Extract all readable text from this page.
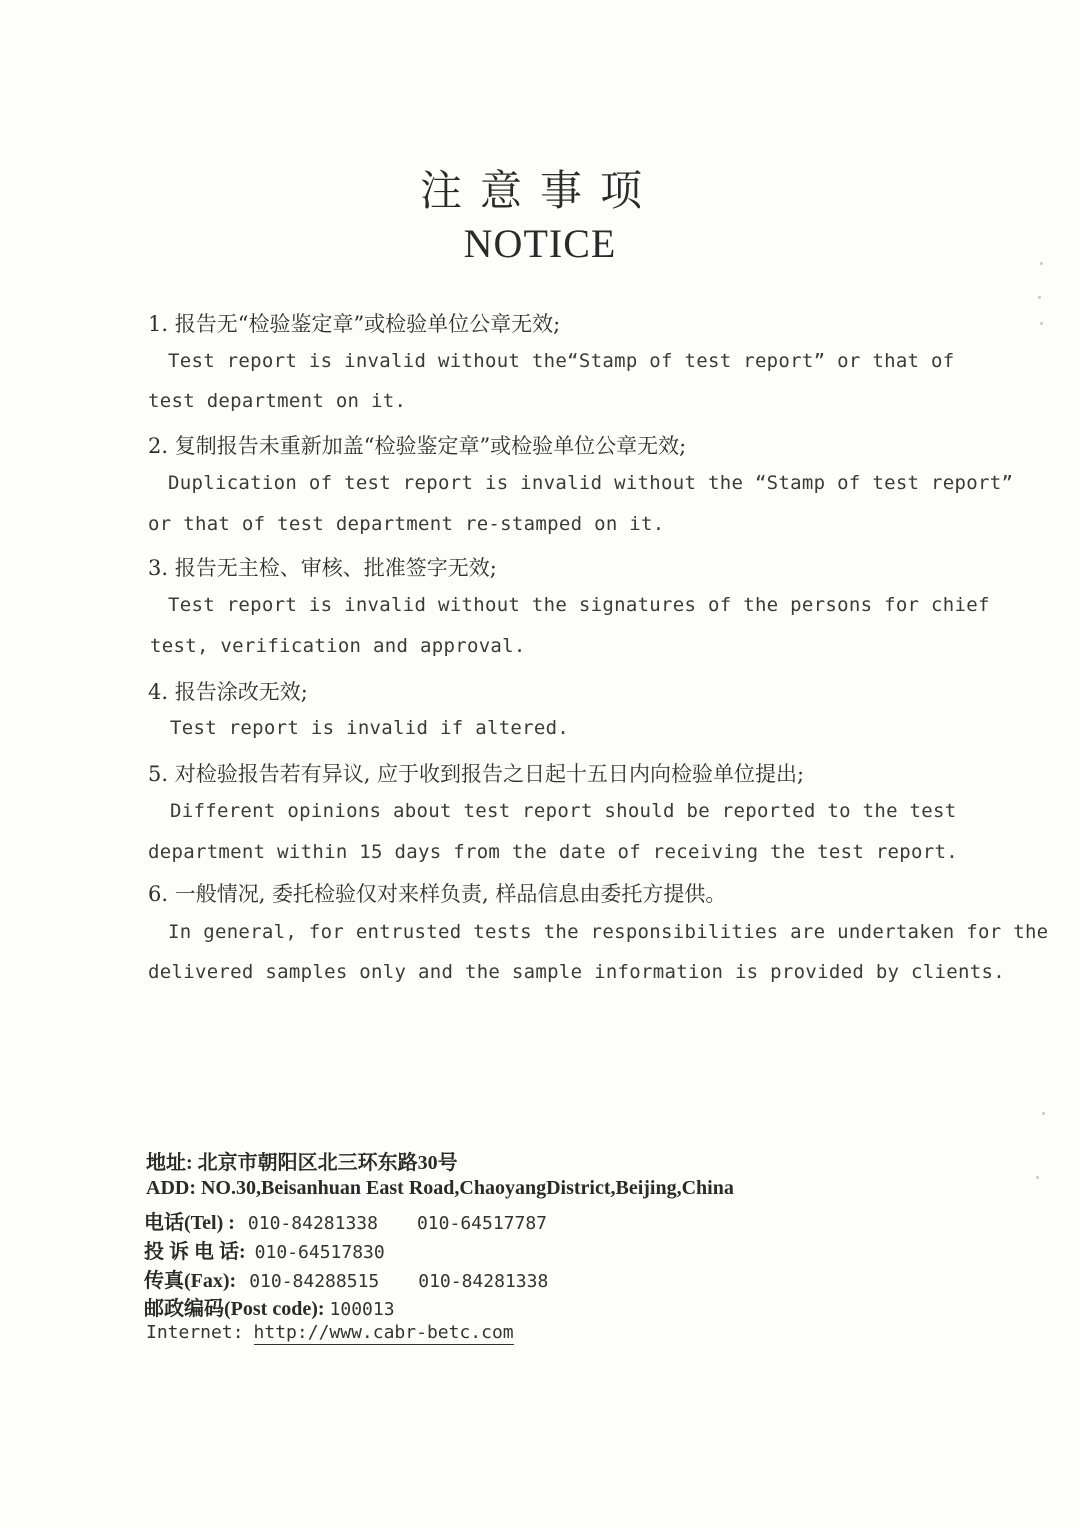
注意事项
NOTICE
1. 报告无“检验鉴定章”或检验单位公章无效;
Test report is invalid without the“Stamp of test report” or that of
test department on it.
2. 复制报告未重新加盖“检验鉴定章”或检验单位公章无效;
Duplication of test report is invalid without the “Stamp of test report”
or that of test department re-stamped on it.
3. 报告无主检、审核、批准签字无效;
Test report is invalid without the signatures of the persons for chief
test, verification and approval.
4. 报告涂改无效;
Test report is invalid if altered.
5. 对检验报告若有异议, 应于收到报告之日起十五日内向检验单位提出;
Different opinions about test report should be reported to the test
department within 15 days from the date of receiving the test report.
6. 一般情况, 委托检验仅对来样负责, 样品信息由委托方提供。
In general, for entrusted tests the responsibilities are undertaken for the
delivered samples only and the sample information is provided by clients.
地址: 北京市朝阳区北三环东路30号
ADD: NO.30,Beisanhuan East Road,ChaoyangDistrict,Beijing,China
电话(Tel) : 010-84281338 010-64517787
投 诉 电 话: 010-64517830
传真(Fax): 010-84288515 010-84281338
邮政编码(Post code): 100013
Internet: http://www.cabr-betc.com
